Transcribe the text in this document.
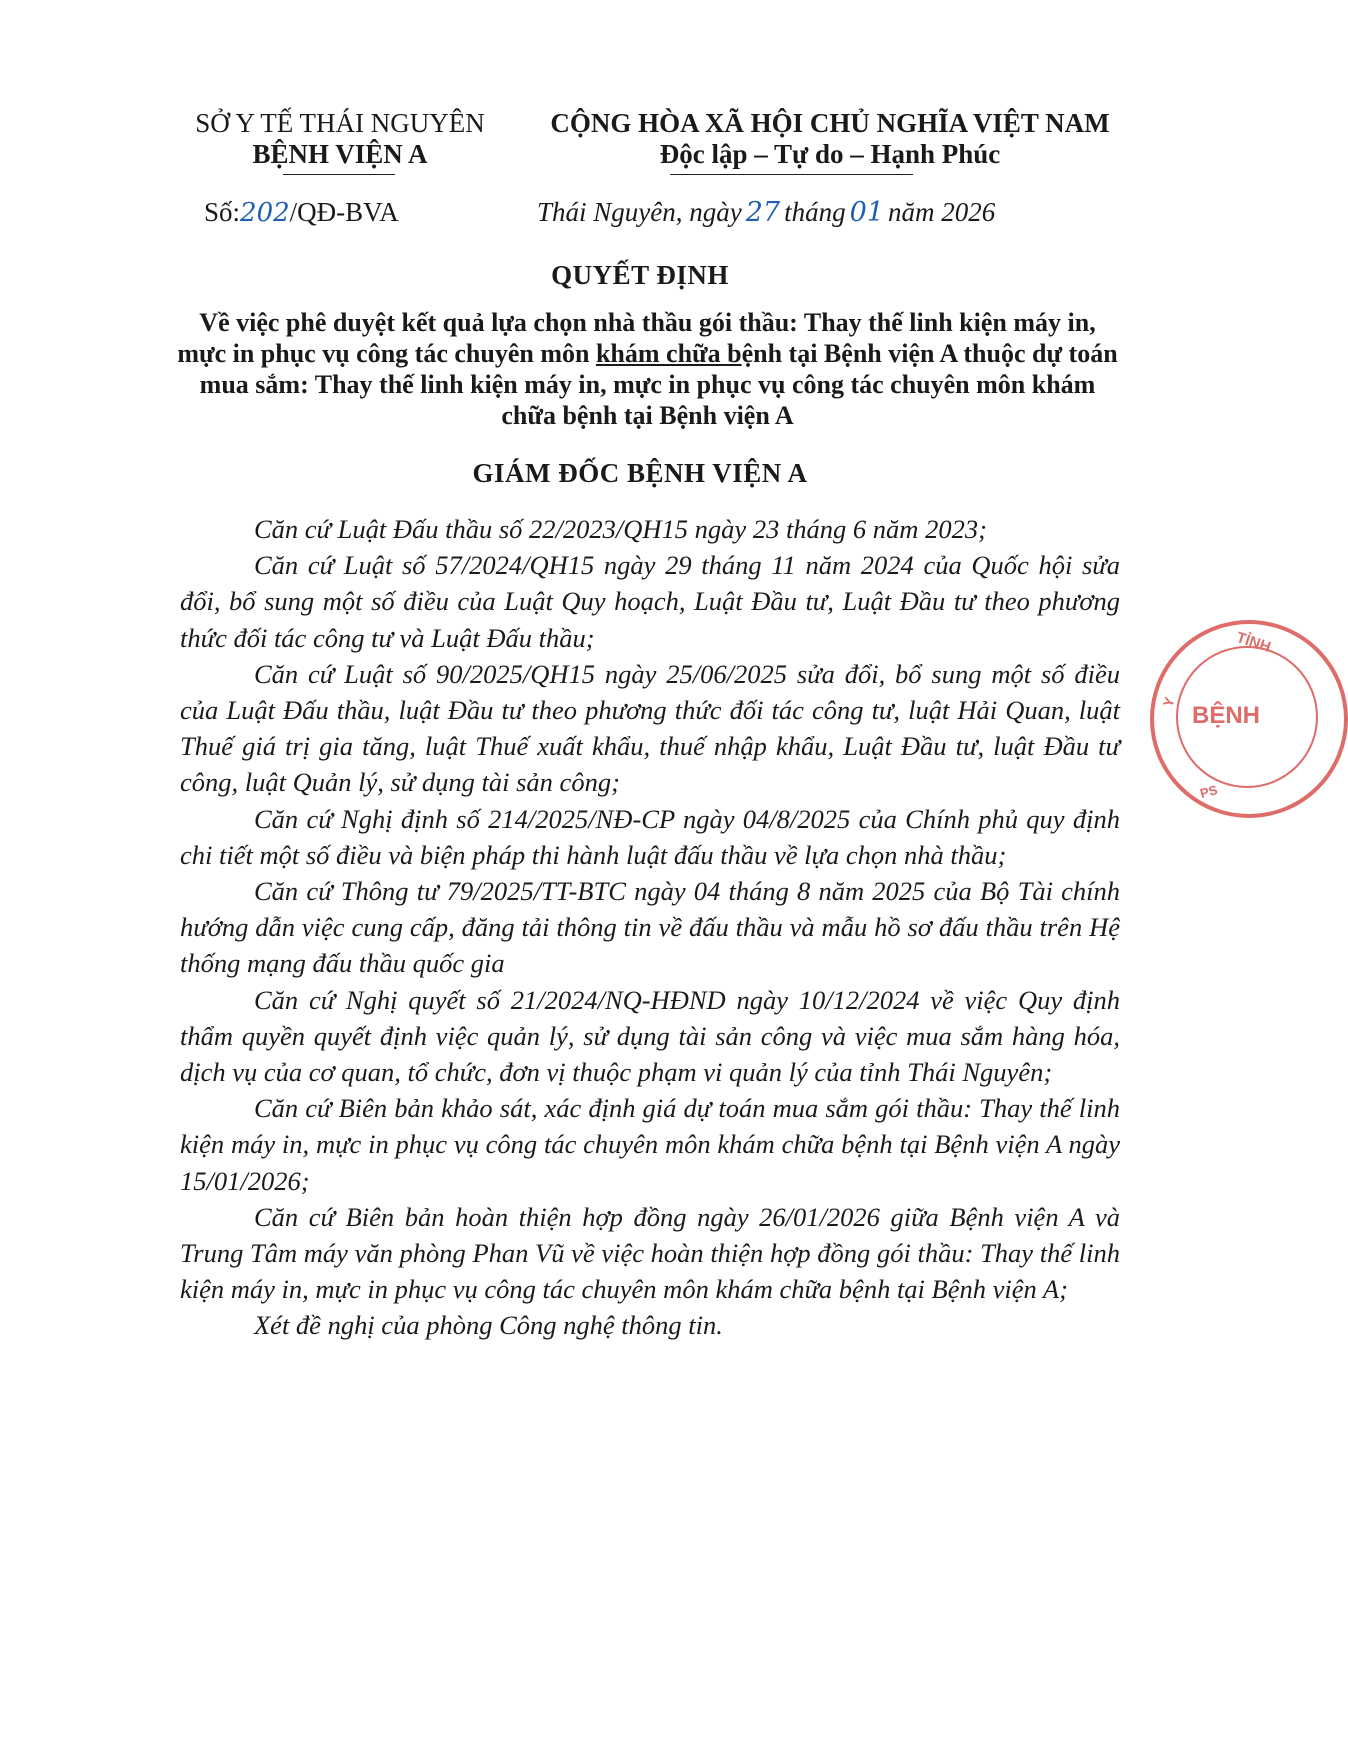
SỞ Y TẾ THÁI NGUYÊN
BỆNH VIỆN A
CỘNG HÒA XÃ HỘI CHỦ NGHĨA VIỆT NAM
Độc lập – Tự do – Hạnh Phúc
Số:202/QĐ-BVA	Thái Nguyên, ngày 27 tháng 01 năm 2026
QUYẾT ĐỊNH
Về việc phê duyệt kết quả lựa chọn nhà thầu gói thầu: Thay thế linh kiện máy in, mực in phục vụ công tác chuyên môn khám chữa bệnh tại Bệnh viện A thuộc dự toán mua sắm: Thay thế linh kiện máy in, mực in phục vụ công tác chuyên môn khám chữa bệnh tại Bệnh viện A
GIÁM ĐỐC BỆNH VIỆN A

Căn cứ Luật Đấu thầu số 22/2023/QH15 ngày 23 tháng 6 năm 2023;

Căn cứ Luật số 57/2024/QH15 ngày 29 tháng 11 năm 2024 của Quốc hội sửa đổi, bổ sung một số điều của Luật Quy hoạch, Luật Đầu tư, Luật Đầu tư theo phương thức đối tác công tư và Luật Đấu thầu;

Căn cứ Luật số 90/2025/QH15 ngày 25/06/2025 sửa đổi, bổ sung một số điều của Luật Đấu thầu, luật Đầu tư theo phương thức đối tác công tư, luật Hải Quan, luật Thuế giá trị gia tăng, luật Thuế xuất khẩu, thuế nhập khẩu, Luật Đầu tư, luật Đầu tư công, luật Quản lý, sử dụng tài sản công;

Căn cứ Nghị định số 214/2025/NĐ-CP ngày 04/8/2025 của Chính phủ quy định chi tiết một số điều và biện pháp thi hành luật đấu thầu về lựa chọn nhà thầu;

Căn cứ Thông tư 79/2025/TT-BTC ngày 04 tháng 8 năm 2025 của Bộ Tài chính hướng dẫn việc cung cấp, đăng tải thông tin về đấu thầu và mẫu hồ sơ đấu thầu trên Hệ thống mạng đấu thầu quốc gia

Căn cứ Nghị quyết số 21/2024/NQ-HĐND ngày 10/12/2024 về việc Quy định thẩm quyền quyết định việc quản lý, sử dụng tài sản công và việc mua sắm hàng hóa, dịch vụ của cơ quan, tổ chức, đơn vị thuộc phạm vi quản lý của tỉnh Thái Nguyên;

Căn cứ Biên bản khảo sát, xác định giá dự toán mua sắm gói thầu: Thay thế linh kiện máy in, mực in phục vụ công tác chuyên môn khám chữa bệnh tại Bệnh viện A ngày 15/01/2026;

Căn cứ Biên bản hoàn thiện hợp đồng ngày 26/01/2026 giữa Bệnh viện A và Trung Tâm máy văn phòng Phan Vũ về việc hoàn thiện hợp đồng gói thầu: Thay thế linh kiện máy in, mực in phục vụ công tác chuyên môn khám chữa bệnh tại Bệnh viện A;

Xét đề nghị của phòng Công nghệ thông tin.

TỈNH
Y BỆNH
PS
